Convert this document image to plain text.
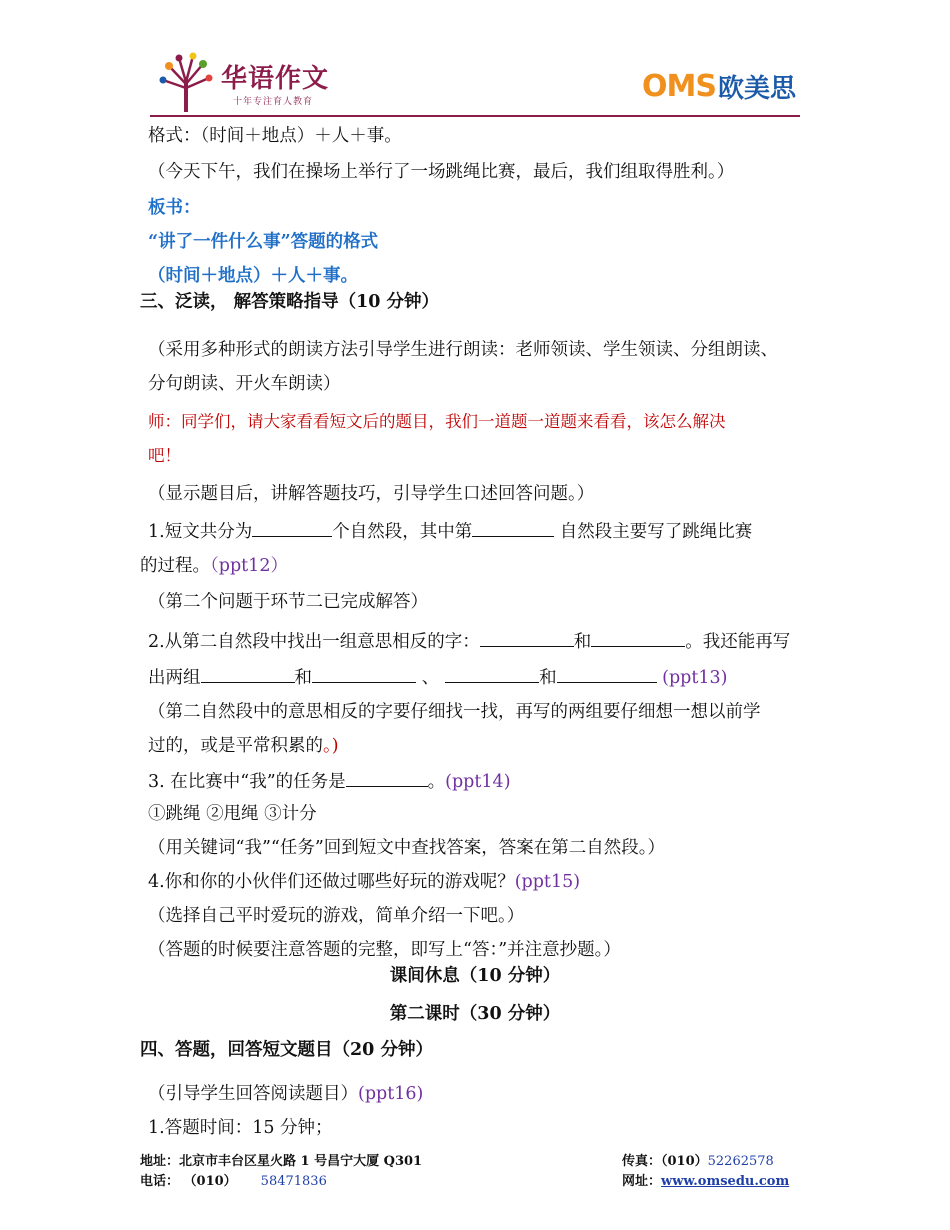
华语作文
十年专注育人教育	OMS 欧美思
格式：（时间＋地点）＋人＋事。
（今天下午，我们在操场上举行了一场跳绳比赛，最后，我们组取得胜利。）
板书：
“讲了一件什么事”答题的格式
（时间＋地点）＋人＋事。
三、泛读， 解答策略指导（10 分钟）
（采用多种形式的朗读方法引导学生进行朗读：老师领读、学生领读、分组朗读、
分句朗读、开火车朗读）
师：同学们，请大家看看短文后的题目，我们一道题一道题来看看，该怎么解决
吧！
（显示题目后，讲解答题技巧，引导学生口述回答问题。）
1.短文共分为	个自然段，其中第	自然段主要写了跳绳比赛
的过程。（ppt12）
（第二个问题于环节二已完成解答）
2.从第二自然段中找出一组意思相反的字：	和	。我还能再写
出两组	和	、	和	(ppt13)
（第二自然段中的意思相反的字要仔细找一找，再写的两组要仔细想一想以前学
过的，或是平常积累的。)
3. 在比赛中“我”的任务是	。(ppt14)
①跳绳 ②甩绳 ③计分
（用关键词“我”“任务”回到短文中查找答案，答案在第二自然段。）
4.你和你的小伙伴们还做过哪些好玩的游戏呢？(ppt15)
（选择自己平时爱玩的游戏，简单介绍一下吧。）
（答题的时候要注意答题的完整，即写上“答：”并注意抄题。）
课间休息（10 分钟）
第二课时（30 分钟）
四、答题，回答短文题目（20 分钟）
（引导学生回答阅读题目）(ppt16)
1.答题时间：15 分钟；
地址：北京市丰台区星火路 1 号昌宁大厦 Q301	传真：（010）52262578
电话： （010） 58471836	网址：www.omsedu.com
